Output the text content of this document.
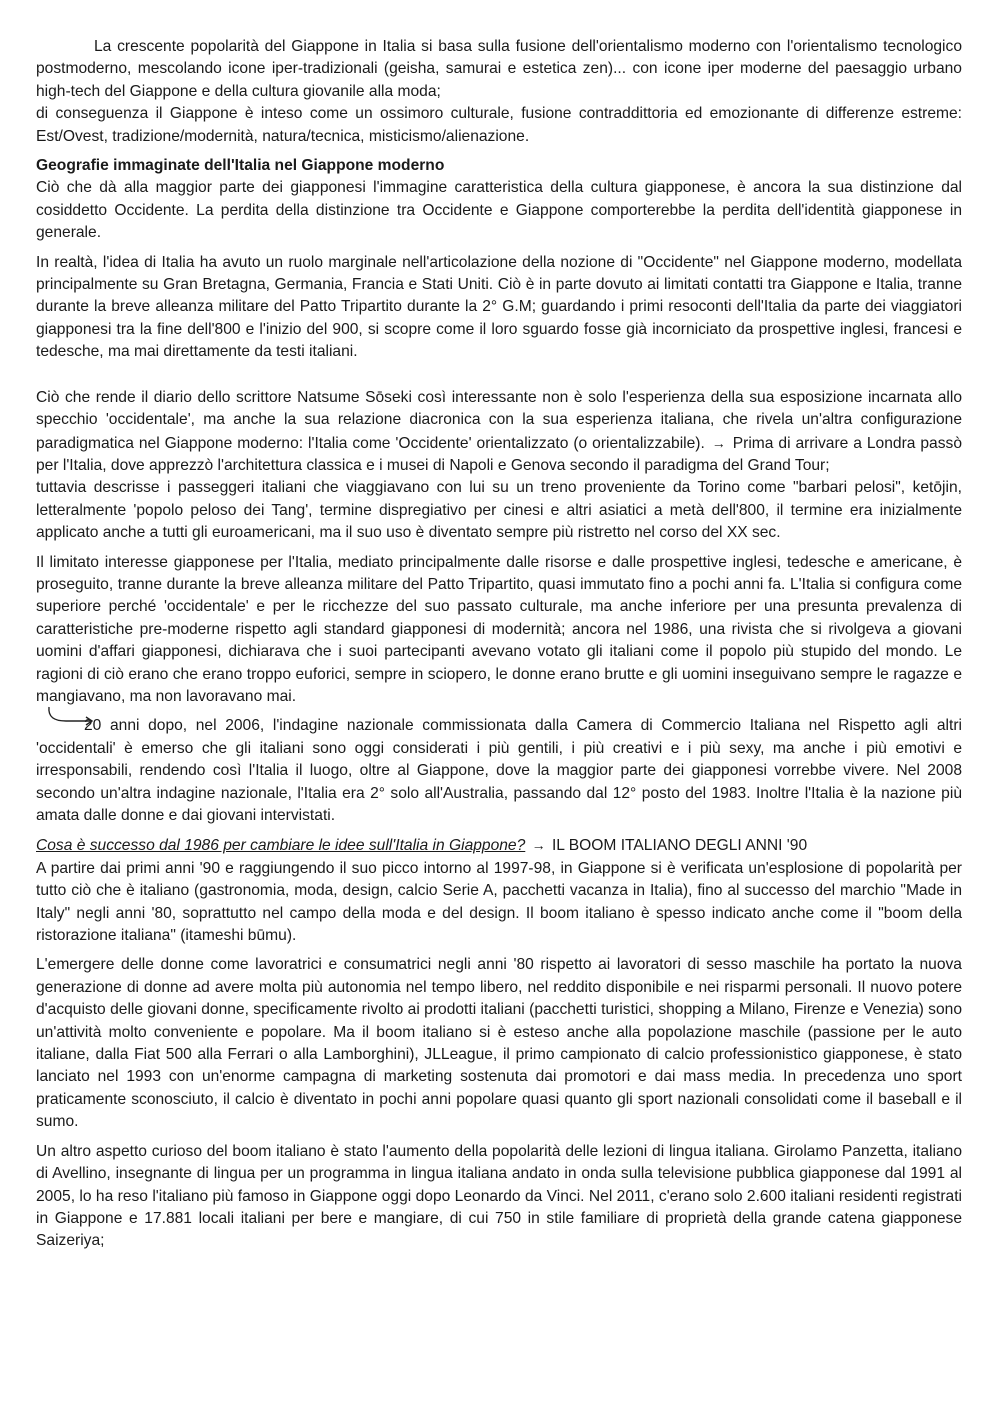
La crescente popolarità del Giappone in Italia si basa sulla fusione dell'orientalismo moderno con l'orientalismo tecnologico postmoderno, mescolando icone iper-tradizionali (geisha, samurai e estetica zen)... con icone iper moderne del paesaggio urbano high-tech del Giappone e della cultura giovanile alla moda;

di conseguenza il Giappone è inteso come un ossimoro culturale, fusione contraddittoria ed emozionante di differenze estreme: Est/Ovest, tradizione/modernità, natura/tecnica, misticismo/alienazione.

Geografie immaginate dell'Italia nel Giappone moderno

Ciò che dà alla maggior parte dei giapponesi l'immagine caratteristica della cultura giapponese, è ancora la sua distinzione dal cosiddetto Occidente. La perdita della distinzione tra Occidente e Giappone comporterebbe la perdita dell'identità giapponese in generale.

In realtà, l'idea di Italia ha avuto un ruolo marginale nell'articolazione della nozione di "Occidente" nel Giappone moderno, modellata principalmente su Gran Bretagna, Germania, Francia e Stati Uniti. Ciò è in parte dovuto ai limitati contatti tra Giappone e Italia, tranne durante la breve alleanza militare del Patto Tripartito durante la 2° G.M; guardando i primi resoconti dell'Italia da parte dei viaggiatori giapponesi tra la fine dell'800 e l'inizio del 900, si scopre come il loro sguardo fosse già incorniciato da prospettive inglesi, francesi e tedesche, ma mai direttamente da testi italiani.

Ciò che rende il diario dello scrittore Natsume Sōseki così interessante non è solo l'esperienza della sua esposizione incarnata allo specchio 'occidentale', ma anche la sua relazione diacronica con la sua esperienza italiana, che rivela un'altra configurazione paradigmatica nel Giappone moderno: l'Italia come 'Occidente' orientalizzato (o orientalizzabile). → Prima di arrivare a Londra passò per l'Italia, dove apprezzò l'architettura classica e i musei di Napoli e Genova secondo il paradigma del Grand Tour;

tuttavia descrisse i passeggeri italiani che viaggiavano con lui su un treno proveniente da Torino come "barbari pelosi", ketōjin, letteralmente 'popolo peloso dei Tang', termine dispregiativo per cinesi e altri asiatici a metà dell'800, il termine era inizialmente applicato anche a tutti gli euroamericani, ma il suo uso è diventato sempre più ristretto nel corso del XX sec.

Il limitato interesse giapponese per l'Italia, mediato principalmente dalle risorse e dalle prospettive inglesi, tedesche e americane, è proseguito, tranne durante la breve alleanza militare del Patto Tripartito, quasi immutato fino a pochi anni fa. L'Italia si configura come superiore perché 'occidentale' e per le ricchezze del suo passato culturale, ma anche inferiore per una presunta prevalenza di caratteristiche pre-moderne rispetto agli standard giapponesi di modernità; ancora nel 1986, una rivista che si rivolgeva a giovani uomini d'affari giapponesi, dichiarava che i suoi partecipanti avevano votato gli italiani come il popolo più stupido del mondo. Le ragioni di ciò erano che erano troppo euforici, sempre in sciopero, le donne erano brutte e gli uomini inseguivano sempre le ragazze e mangiavano, ma non lavoravano mai.

20 anni dopo, nel 2006, l'indagine nazionale commissionata dalla Camera di Commercio Italiana nel Rispetto agli altri 'occidentali' è emerso che gli italiani sono oggi considerati i più gentili, i più creativi e i più sexy, ma anche i più emotivi e irresponsabili, rendendo così l'Italia il luogo, oltre al Giappone, dove la maggior parte dei giapponesi vorrebbe vivere. Nel 2008 secondo un'altra indagine nazionale, l'Italia era 2° solo all'Australia, passando dal 12° posto del 1983. Inoltre l'Italia è la nazione più amata dalle donne e dai giovani intervistati.

Cosa è successo dal 1986 per cambiare le idee sull'Italia in Giappone? → IL BOOM ITALIANO DEGLI ANNI '90

A partire dai primi anni '90 e raggiungendo il suo picco intorno al 1997-98, in Giappone si è verificata un'esplosione di popolarità per tutto ciò che è italiano (gastronomia, moda, design, calcio Serie A, pacchetti vacanza in Italia), fino al successo del marchio "Made in Italy" negli anni '80, soprattutto nel campo della moda e del design. Il boom italiano è spesso indicato anche come il "boom della ristorazione italiana" (itameshi būmu).

L'emergere delle donne come lavoratrici e consumatrici negli anni '80 rispetto ai lavoratori di sesso maschile ha portato la nuova generazione di donne ad avere molta più autonomia nel tempo libero, nel reddito disponibile e nei risparmi personali. Il nuovo potere d'acquisto delle giovani donne, specificamente rivolto ai prodotti italiani (pacchetti turistici, shopping a Milano, Firenze e Venezia) sono un'attività molto conveniente e popolare. Ma il boom italiano si è esteso anche alla popolazione maschile (passione per le auto italiane, dalla Fiat 500 alla Ferrari o alla Lamborghini), JLLeague, il primo campionato di calcio professionistico giapponese, è stato lanciato nel 1993 con un'enorme campagna di marketing sostenuta dai promotori e dai mass media. In precedenza uno sport praticamente sconosciuto, il calcio è diventato in pochi anni popolare quasi quanto gli sport nazionali consolidati come il baseball e il sumo.

Un altro aspetto curioso del boom italiano è stato l'aumento della popolarità delle lezioni di lingua italiana. Girolamo Panzetta, italiano di Avellino, insegnante di lingua per un programma in lingua italiana andato in onda sulla televisione pubblica giapponese dal 1991 al 2005, lo ha reso l'italiano più famoso in Giappone oggi dopo Leonardo da Vinci. Nel 2011, c'erano solo 2.600 italiani residenti registrati in Giappone e 17.881 locali italiani per bere e mangiare, di cui 750 in stile familiare di proprietà della grande catena giapponese Saizeriya;
